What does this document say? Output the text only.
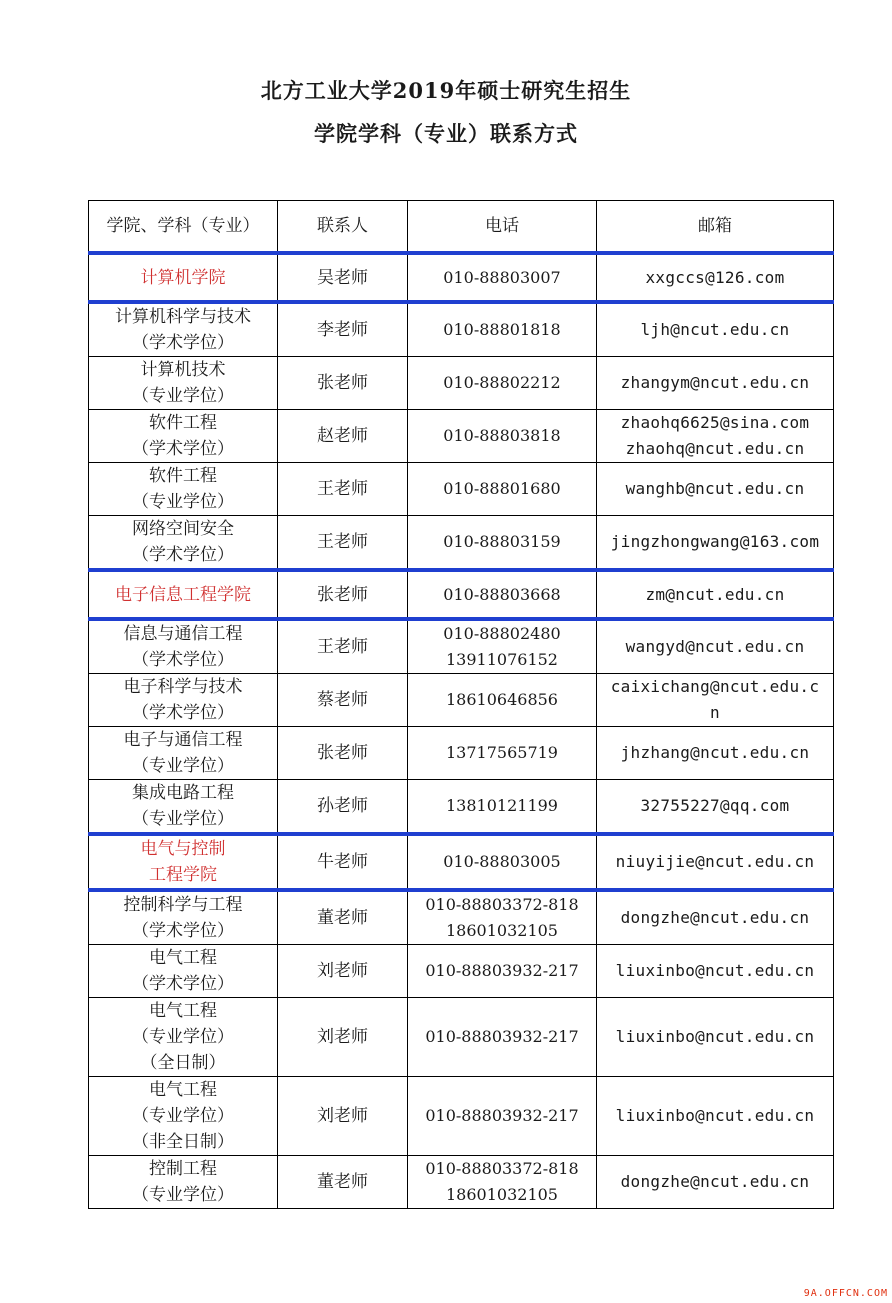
北方工业大学2019年硕士研究生招生
学院学科（专业）联系方式
学院、学科（专业）	联系人	电话	邮箱

计算机学院	吴老师	010-88803007	xxgccs@126.com

计算机科学与技术
（学术学位）	李老师	010-88801818	ljh@ncut.edu.cn

计算机技术
（专业学位）	张老师	010-88802212	zhangym@ncut.edu.cn

软件工程
（学术学位）	赵老师	010-88803818	zhaohq6625@sina.com
zhaohq@ncut.edu.cn

软件工程
（专业学位）	王老师	010-88801680	wanghb@ncut.edu.cn

网络空间安全
（学术学位）	王老师	010-88803159	jingzhongwang@163.com

电子信息工程学院	张老师	010-88803668	zm@ncut.edu.cn

信息与通信工程
（学术学位）	王老师	010-88802480
13911076152	wangyd@ncut.edu.cn

电子科学与技术
（学术学位）	蔡老师	18610646856	caixichang@ncut.edu.c
n

电子与通信工程
（专业学位）	张老师	13717565719	jhzhang@ncut.edu.cn

集成电路工程
（专业学位）	孙老师	13810121199	32755227@qq.com

电气与控制
工程学院	牛老师	010-88803005	niuyijie@ncut.edu.cn

控制科学与工程
（学术学位）	董老师	010-88803372-818
18601032105	dongzhe@ncut.edu.cn

电气工程
（学术学位）	刘老师	010-88803932-217	liuxinbo@ncut.edu.cn

电气工程
（专业学位）
（全日制）	刘老师	010-88803932-217	liuxinbo@ncut.edu.cn

电气工程
（专业学位）
（非全日制）	刘老师	010-88803932-217	liuxinbo@ncut.edu.cn

控制工程
（专业学位）	董老师	010-88803372-818
18601032105	dongzhe@ncut.edu.cn
9A.OFFCN.COM
